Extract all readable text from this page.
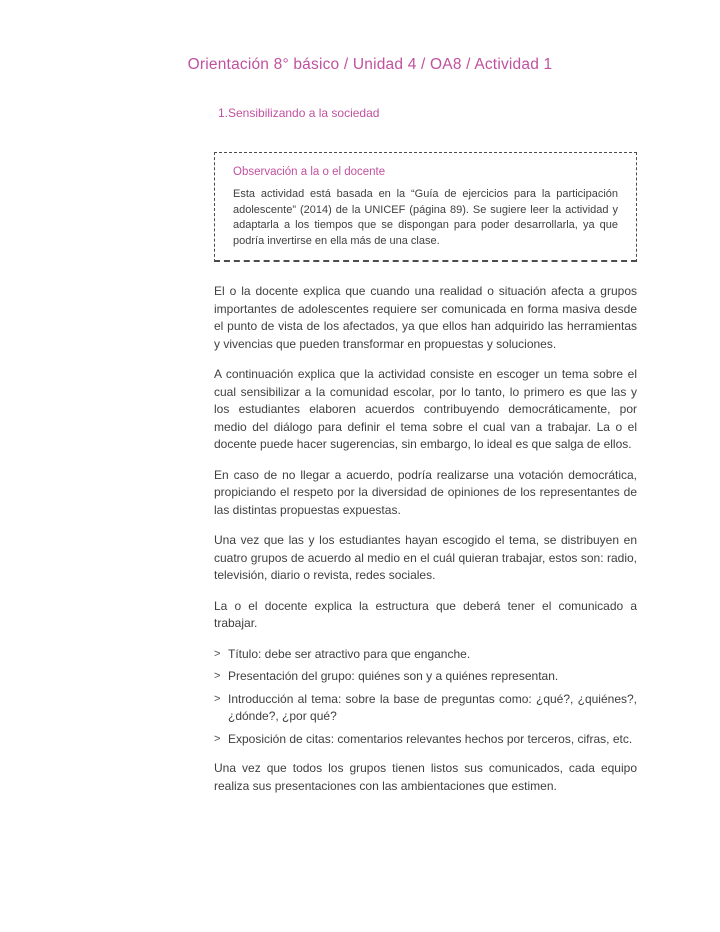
Orientación 8° básico / Unidad 4 / OA8 / Actividad 1
1.Sensibilizando a la sociedad

Observación a la o el docente

Esta actividad está basada en la “Guía de ejercicios para la participación adolescente” (2014) de la UNICEF (página 89). Se sugiere leer la actividad y adaptarla a los tiempos que se dispongan para poder desarrollarla, ya que podría invertirse en ella más de una clase.

El o la docente explica que cuando una realidad o situación afecta a grupos importantes de adolescentes requiere ser comunicada en forma masiva desde el punto de vista de los afectados, ya que ellos han adquirido las herramientas y vivencias que pueden transformar en propuestas y soluciones.

A continuación explica que la actividad consiste en escoger un tema sobre el cual sensibilizar a la comunidad escolar, por lo tanto, lo primero es que las y los estudiantes elaboren acuerdos contribuyendo democráticamente, por medio del diálogo para definir el tema sobre el cual van a trabajar. La o el docente puede hacer sugerencias, sin embargo, lo ideal es que salga de ellos.

En caso de no llegar a acuerdo, podría realizarse una votación democrática, propiciando el respeto por la diversidad de opiniones de los representantes de las distintas propuestas expuestas.

Una vez que las y los estudiantes hayan escogido el tema, se distribuyen en cuatro grupos de acuerdo al medio en el cuál quieran trabajar, estos son: radio, televisión, diario o revista, redes sociales.

La o el docente explica la estructura que deberá tener el comunicado a trabajar.

> Título: debe ser atractivo para que enganche.
> Presentación del grupo: quiénes son y a quiénes representan.
> Introducción al tema: sobre la base de preguntas como: ¿qué?, ¿quiénes?, ¿dónde?, ¿por qué?
> Exposición de citas: comentarios relevantes hechos por terceros, cifras, etc.

Una vez que todos los grupos tienen listos sus comunicados, cada equipo realiza sus presentaciones con las ambientaciones que estimen.
